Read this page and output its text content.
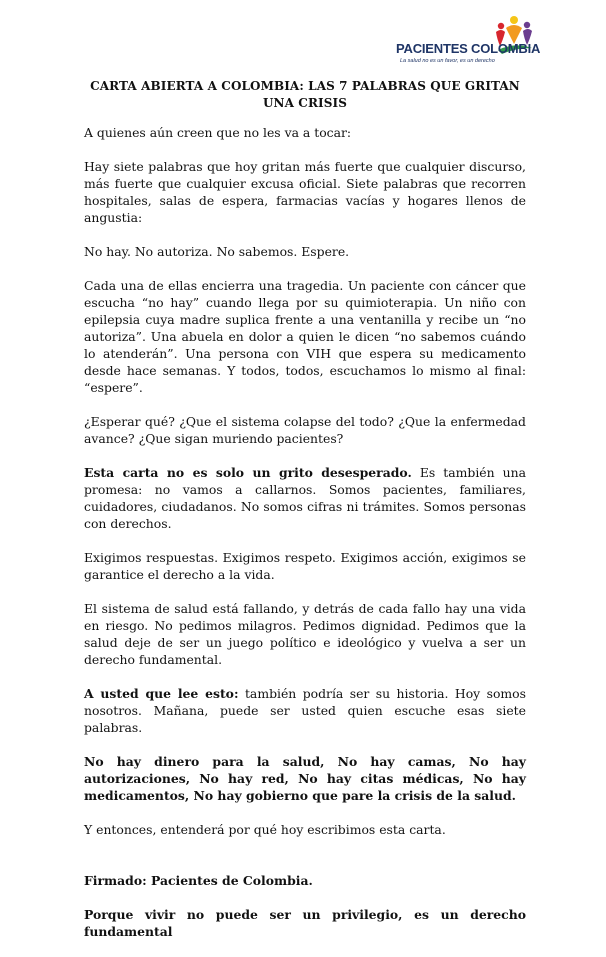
PACIENTES COLOMBIA
La salud no es un favor, es un derecho
CARTA ABIERTA A COLOMBIA: LAS 7 PALABRAS QUE GRITAN UNA CRISIS

A quienes aún creen que no les va a tocar:

Hay siete palabras que hoy gritan más fuerte que cualquier discurso, más fuerte que cualquier excusa oficial. Siete palabras que recorren hospitales, salas de espera, farmacias vacías y hogares llenos de angustia:

No hay. No autoriza. No sabemos. Espere.

Cada una de ellas encierra una tragedia. Un paciente con cáncer que escucha “no hay” cuando llega por su quimioterapia. Un niño con epilepsia cuya madre suplica frente a una ventanilla y recibe un “no autoriza”. Una abuela en dolor a quien le dicen “no sabemos cuándo lo atenderán”. Una persona con VIH que espera su medicamento desde hace semanas. Y todos, todos, escuchamos lo mismo al final: “espere”.

¿Esperar qué? ¿Que el sistema colapse del todo? ¿Que la enfermedad avance? ¿Que sigan muriendo pacientes?

Esta carta no es solo un grito desesperado. Es también una promesa: no vamos a callarnos. Somos pacientes, familiares, cuidadores, ciudadanos. No somos cifras ni trámites. Somos personas con derechos.

Exigimos respuestas. Exigimos respeto. Exigimos acción, exigimos se garantice el derecho a la vida.

El sistema de salud está fallando, y detrás de cada fallo hay una vida en riesgo. No pedimos milagros. Pedimos dignidad. Pedimos que la salud deje de ser un juego político e ideológico y vuelva a ser un derecho fundamental.

A usted que lee esto: también podría ser su historia. Hoy somos nosotros. Mañana, puede ser usted quien escuche esas siete palabras.

No hay dinero para la salud, No hay camas, No hay autorizaciones, No hay red, No hay citas médicas, No hay medicamentos, No hay gobierno que pare la crisis de la salud.

Y entonces, entenderá por qué hoy escribimos esta carta.

Firmado: Pacientes de Colombia.

Porque vivir no puede ser un privilegio, es un derecho fundamental
